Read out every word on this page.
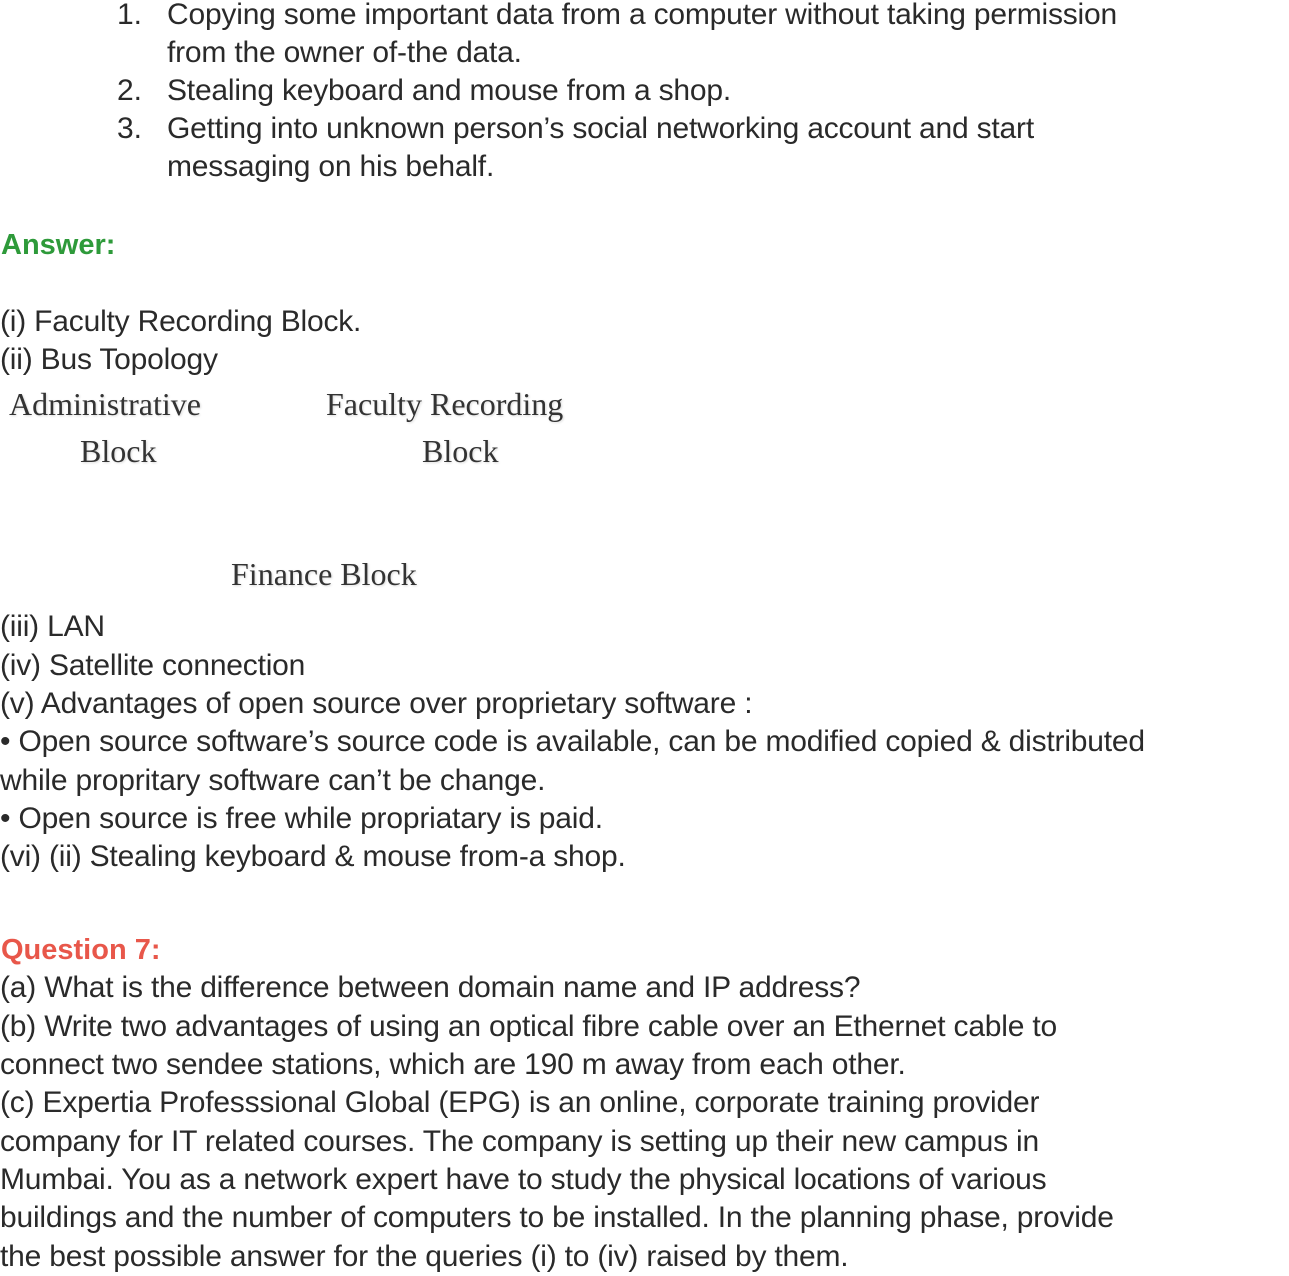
1. Copying some important data from a computer without taking permission
from the owner of-the data.
2. Stealing keyboard and mouse from a shop.
3. Getting into unknown person’s social networking account and start
messaging on his behalf.
Answer:
(i) Faculty Recording Block.
(ii) Bus Topology
Administrative
Block
Faculty Recording
Block
Finance Block
(iii) LAN
(iv) Satellite connection
(v) Advantages of open source over proprietary software :
• Open source software’s source code is available, can be modified copied & distributed
while propritary software can’t be change.
• Open source is free while propriatary is paid.
(vi) (ii) Stealing keyboard & mouse from-a shop.
Question 7:
(a) What is the difference between domain name and IP address?
(b) Write two advantages of using an optical fibre cable over an Ethernet cable to
connect two sendee stations, which are 190 m away from each other.
(c) Expertia Professsional Global (EPG) is an online, corporate training provider
company for IT related courses. The company is setting up their new campus in
Mumbai. You as a network expert have to study the physical locations of various
buildings and the number of computers to be installed. In the planning phase, provide
the best possible answer for the queries (i) to (iv) raised by them.
